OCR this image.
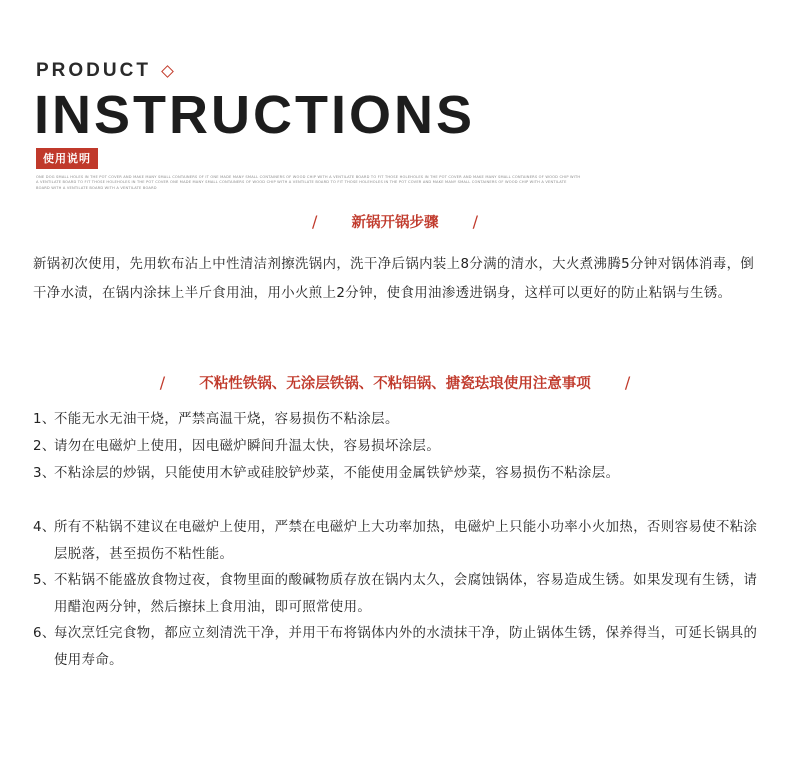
PRODUCT
INSTRUCTIONS
使用说明
ONE DOG SMALL HOLES IN THE POT COVER AND MAKE MANY SMALL CONTAINERS OF IT ONE MADE MANY SMALL CONTAINERS OF WOOD CHIP WITH A VENTILATE BOARD TO FIT THOSE HOLEHOLES IN THE POT COVER AND MAKE MANY SMALL CONTAINERS OF WOOD CHIP WITH A VENTILATE BOARD TO FIT THOSE HOLEHOLES IN THE POT COVER ONE MADE MANY SMALL CONTAINERS OF WOOD CHIP WITH A VENTILATE BOARD TO FIT THOSE HOLEHOLES IN THE POT COVER AND MAKE MANY SMALL CONTAINERS OF WOOD CHIP WITH A VENTILATE BOARD WITH A VENTILATE BOARD WITH A VENTILATE BOARD
/ 新锅开锅步骤 /
新锅初次使用，先用软布沾上中性清洁剂擦洗锅内，洗干净后锅内装上8分满的清水，大火煮沸腾5分钟对锅体消毒，倒干净水渍，在锅内涂抹上半斤食用油，用小火煎上2分钟，使食用油渗透进锅身，这样可以更好的防止粘锅与生锈。
/ 不粘性铁锅、无涂层铁锅、不粘铝锅、搪瓷珐琅使用注意事项 /
1、
不能无水无油干烧，严禁高温干烧，容易损伤不粘涂层。
2、
请勿在电磁炉上使用，因电磁炉瞬间升温太快，容易损坏涂层。
3、
不粘涂层的炒锅，只能使用木铲或硅胶铲炒菜，不能使用金属铁铲炒菜，容易损伤不粘涂层。
4、
所有不粘锅不建议在电磁炉上使用，严禁在电磁炉上大功率加热，电磁炉上只能小功率小火加热，否则容易使不粘涂层脱落，甚至损伤不粘性能。
5、
不粘锅不能盛放食物过夜，食物里面的酸碱物质存放在锅内太久，会腐蚀锅体，容易造成生锈。如果发现有生锈，请用醋泡两分钟，然后擦抹上食用油，即可照常使用。
6、
每次烹饪完食物，都应立刻清洗干净，并用干布将锅体内外的水渍抹干净，防止锅体生锈，保养得当，可延长锅具的使用寿命。
